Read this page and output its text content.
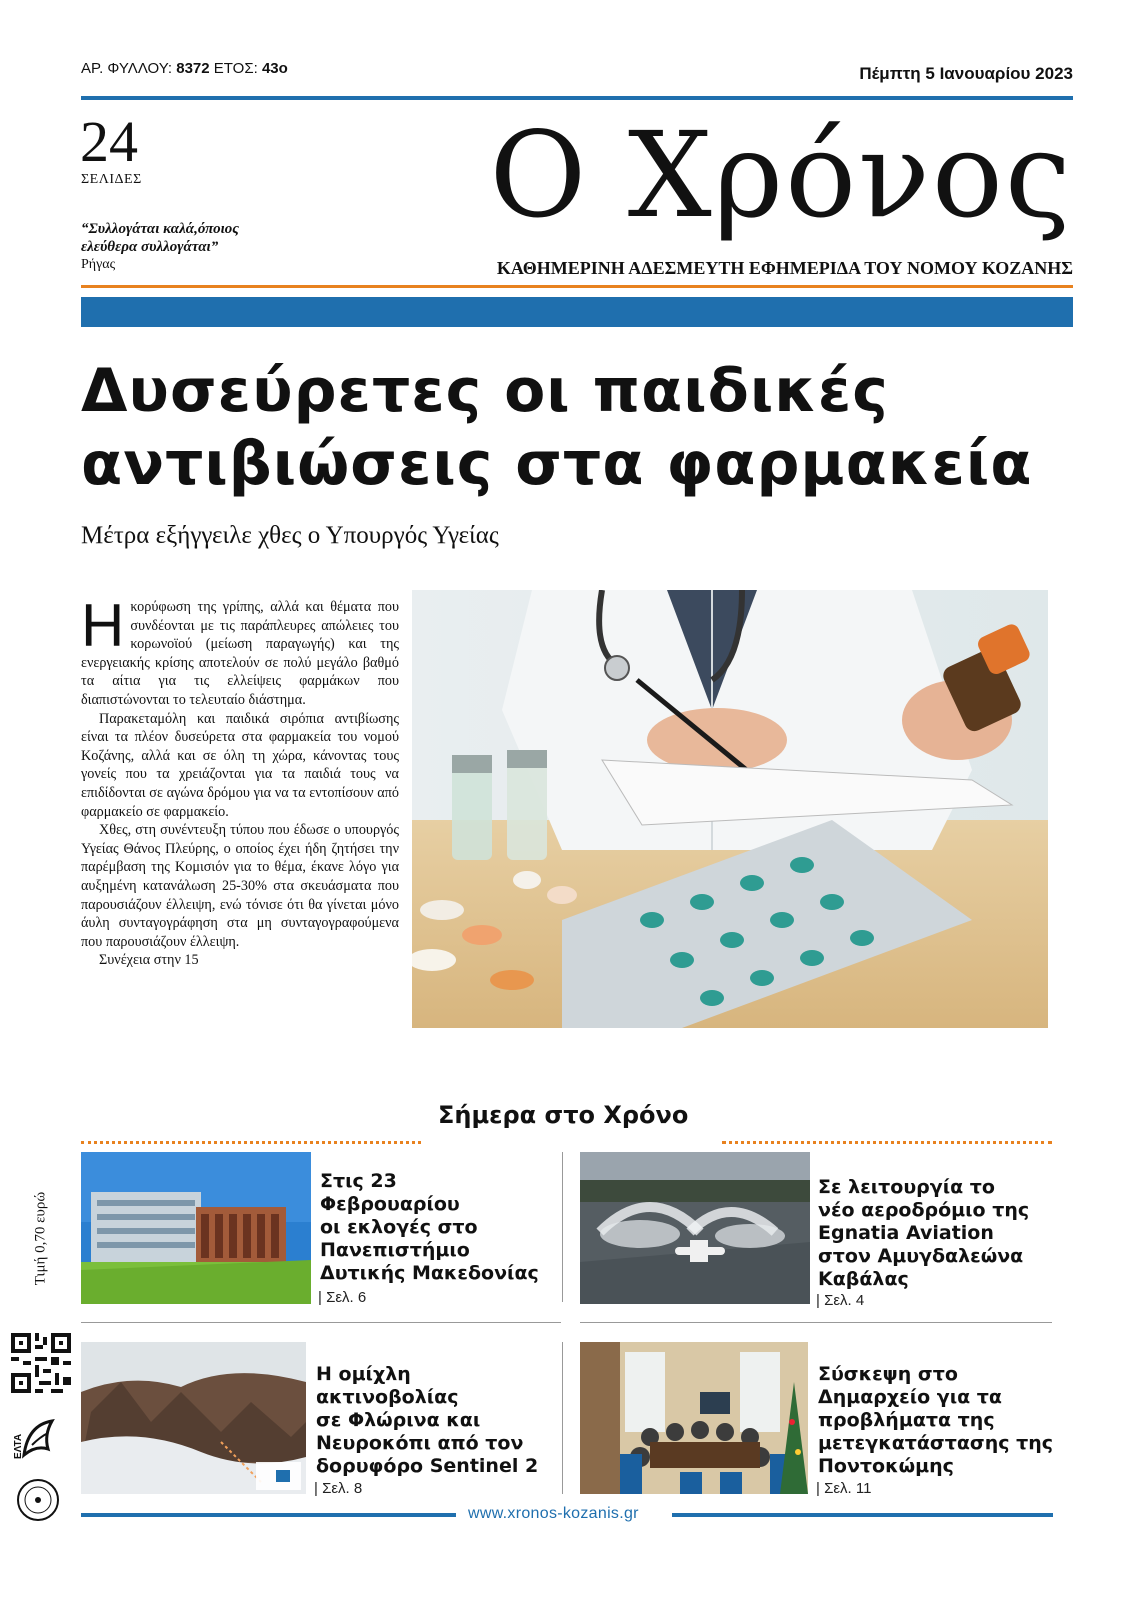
ΑΡ. ΦΥΛΛΟΥ: 8372 ΕΤΟΣ: 43ο	Πέμπτη 5 Ιανουαρίου 2023
24
ΣΕΛΙΔΕΣ
“Συλλογάται καλά,όποιος
ελεύθερα συλλογάται”
Ρήγας
Ο Χρόνος
ΚΑΘΗΜΕΡΙΝΗ ΑΔΕΣΜΕΥΤΗ ΕΦΗΜΕΡΙΔΑ ΤΟΥ ΝΟΜΟΥ ΚΟΖΑΝΗΣ
Δυσεύρετες οι παιδικές
αντιβιώσεις στα φαρμακεία
Μέτρα εξήγγειλε χθες ο Υπουργός Υγείας

Ηκορύφωση της γρίπης, αλλά και θέματα που συνδέονται με τις παράπλευρες απώλειες του κορωνοϊού (μείωση παραγωγής) και της ενεργειακής κρίσης αποτελούν σε πολύ μεγάλο βαθμό τα αίτια για τις ελλείψεις φαρμάκων που διαπιστώνονται το τελευταίο διάστημα.

Παρακεταμόλη και παιδικά σιρόπια αντιβίωσης είναι τα πλέον δυσεύρετα στα φαρμακεία του νομού Κοζάνης, αλλά και σε όλη τη χώρα, κάνοντας τους γονείς που τα χρειάζονται για τα παιδιά τους να επιδίδονται σε αγώνα δρόμου για να τα εντοπίσουν από φαρμακείο σε φαρμακείο.

Χθες, στη συνέντευξη τύπου που έδωσε ο υπουργός Υγείας Θάνος Πλεύρης, ο οποίος έχει ήδη ζητήσει την παρέμβαση της Κομισιόν για το θέμα, έκανε λόγο για αυξημένη κατανάλωση 25-30% στα σκευάσματα που παρουσιάζουν έλλειψη, ενώ τόνισε ότι θα γίνεται μόνο άυλη συνταγογράφηση στα μη συνταγογραφούμενα που παρουσιάζουν έλλειψη.

Συνέχεια στην 15

Σήμερα στο Χρόνο
Τιμή 0,70 ευρώ
ΕΛΤΑ
Στις 23
Φεβρουαρίου
οι εκλογές στο
Πανεπιστήμιο
Δυτικής Μακεδονίας
| Σελ. 6
Σε λειτουργία το
νέο αεροδρόμιο της
Egnatia Aviation
στον Αμυγδαλεώνα
Καβάλας
| Σελ. 4
Η ομίχλη
ακτινοβολίας
σε Φλώρινα και
Νευροκόπι από τον
δορυφόρο Sentinel 2
| Σελ. 8
Σύσκεψη στο
Δημαρχείο για τα
προβλήματα της
μετεγκατάστασης της
Ποντοκώμης
| Σελ. 11
www.xronos-kozanis.gr
